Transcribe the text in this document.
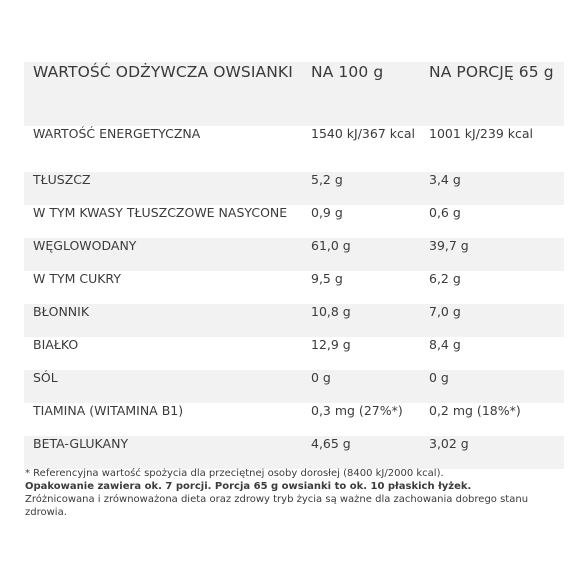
WARTOŚĆ ODŻYWCZA OWSIANKI	NA 100 g	NA PORCJĘ 65 g
WARTOŚĆ ENERGETYCZNA	1540 kJ/367 kcal	1001 kJ/239 kcal
TŁUSZCZ	5,2 g	3,4 g
W TYM KWASY TŁUSZCZOWE NASYCONE	0,9 g	0,6 g
WĘGLOWODANY	61,0 g	39,7 g
W TYM CUKRY	9,5 g	6,2 g
BŁONNIK	10,8 g	7,0 g
BIAŁKO	12,9 g	8,4 g
SÓL	0 g	0 g
TIAMINA (WITAMINA B1)	0,3 mg (27%*)	0,2 mg (18%*)
BETA-GLUKANY	4,65 g	3,02 g

* Referencyjna wartość spożycia dla przeciętnej osoby dorosłej (8400 kJ/2000 kcal).

Opakowanie zawiera ok. 7 porcji. Porcja 65 g owsianki to ok. 10 płaskich łyżek.

Zróżnicowana i zrównoważona dieta oraz zdrowy tryb życia są ważne dla zachowania dobrego stanu zdrowia.
